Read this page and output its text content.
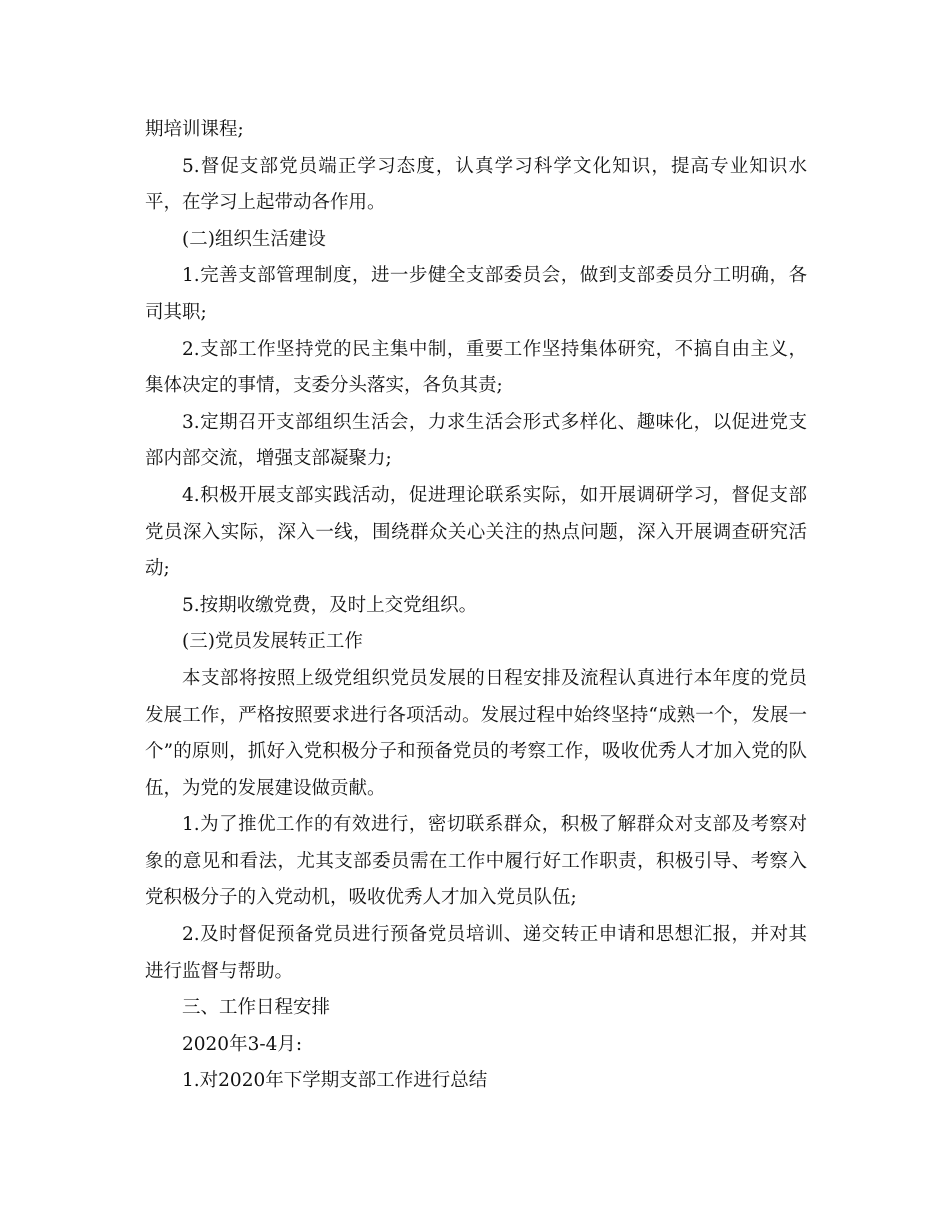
期培训课程;

5.督促支部党员端正学习态度，认真学习科学文化知识，提高专业知识水平，在学习上起带动各作用。

(二)组织生活建设

1.完善支部管理制度，进一步健全支部委员会，做到支部委员分工明确，各司其职;

2.支部工作坚持党的民主集中制，重要工作坚持集体研究，不搞自由主义，集体决定的事情，支委分头落实，各负其责;

3.定期召开支部组织生活会，力求生活会形式多样化、趣味化，以促进党支部内部交流，增强支部凝聚力;

4.积极开展支部实践活动，促进理论联系实际，如开展调研学习，督促支部党员深入实际，深入一线，围绕群众关心关注的热点问题，深入开展调查研究活动;

5.按期收缴党费，及时上交党组织。

(三)党员发展转正工作

本支部将按照上级党组织党员发展的日程安排及流程认真进行本年度的党员发展工作，严格按照要求进行各项活动。发展过程中始终坚持“成熟一个，发展一个”的原则，抓好入党积极分子和预备党员的考察工作，吸收优秀人才加入党的队伍，为党的发展建设做贡献。

1.为了推优工作的有效进行，密切联系群众，积极了解群众对支部及考察对象的意见和看法，尤其支部委员需在工作中履行好工作职责，积极引导、考察入党积极分子的入党动机，吸收优秀人才加入党员队伍;

2.及时督促预备党员进行预备党员培训、递交转正申请和思想汇报，并对其进行监督与帮助。

三、工作日程安排

2020年3-4月:

1.对2020年下学期支部工作进行总结
